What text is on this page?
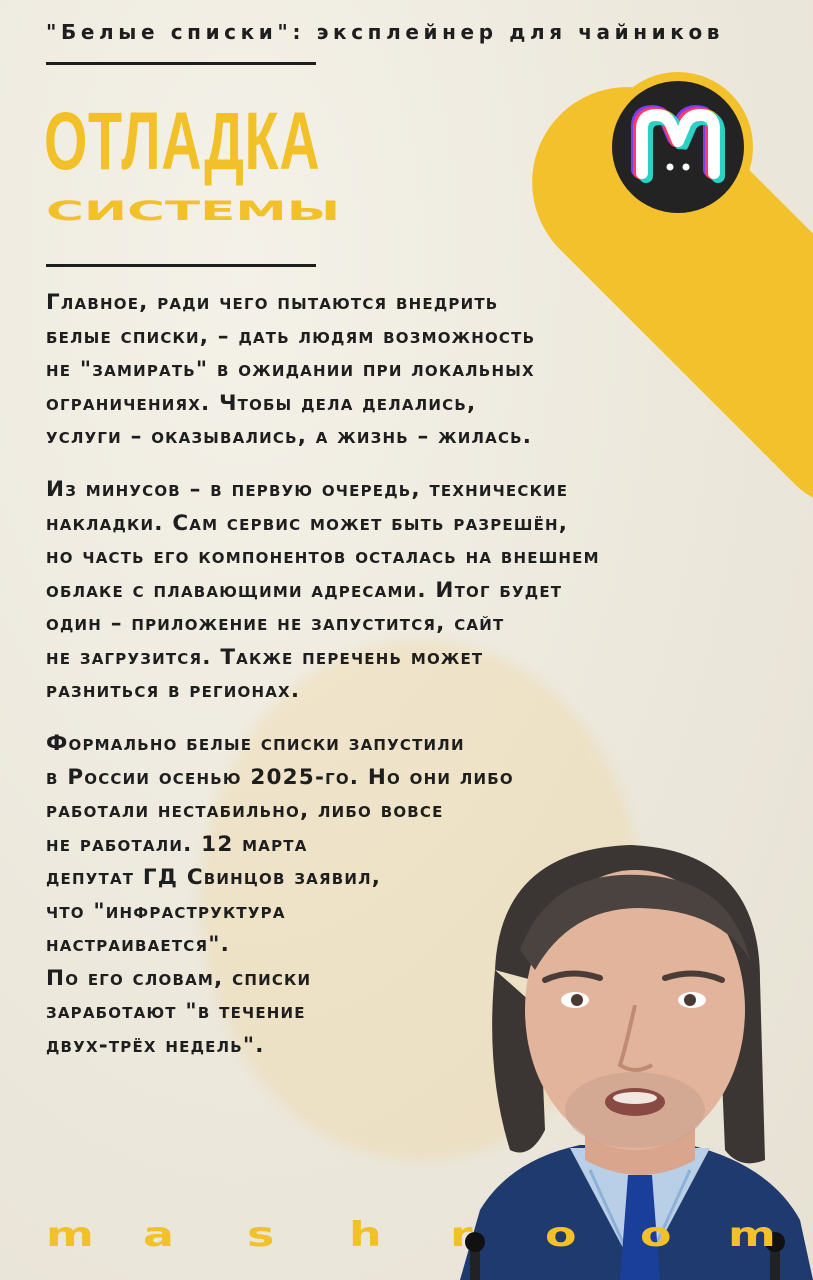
"Белые списки": эксплейнер для чайников
ОТЛАДКА
СИСТЕМЫ
Главное, ради чего пытаются внедрить
белые списки, – дать людям возможность
не "замирать" в ожидании при локальных
ограничениях. Чтобы дела делались,
услуги – оказывались, а жизнь – жилась.
Из минусов – в первую очередь, технические
накладки. Сам сервис может быть разрешён,
но часть его компонентов осталась на внешнем
облаке с плавающими адресами. Итог будет
один – приложение не запустится, сайт
не загрузится. Также перечень может
разниться в регионах.
Формально белые списки запустили
в России осенью 2025-го. Но они либо
работали нестабильно, либо вовсе
не работали. 12 марта
депутат ГД Свинцов заявил,
что "инфраструктура
настраивается".
По его словам, списки
заработают "в течение
двух-трёх недель".
m a s h r o o m
